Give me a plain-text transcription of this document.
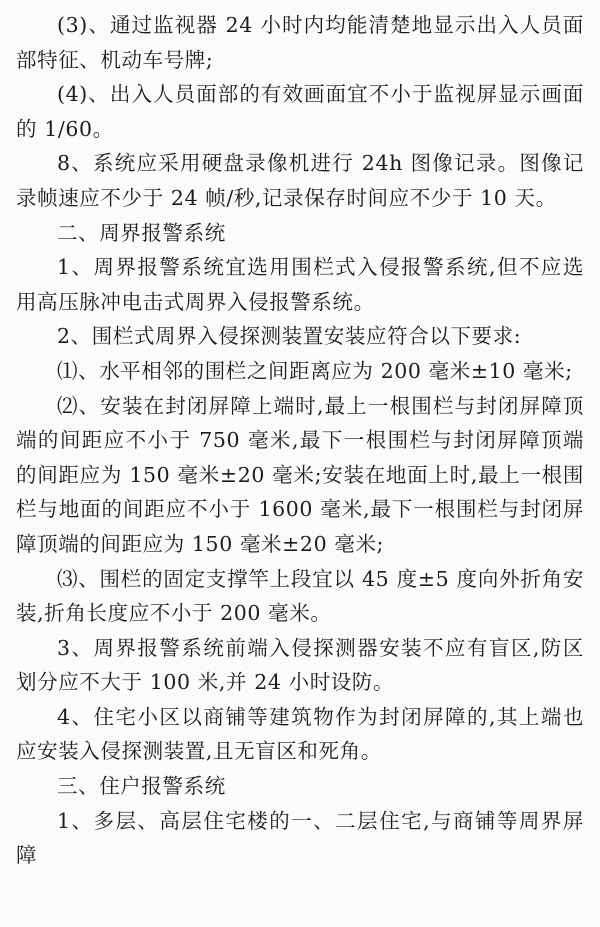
(3)、通过监视器 24 小时内均能清楚地显示出入人员面部特征、机动车号牌;

(4)、出入人员面部的有效画面宜不小于监视屏显示画面的 1/60。

8、系统应采用硬盘录像机进行 24h 图像记录。图像记录帧速应不少于 24 帧/秒,记录保存时间应不少于 10 天。

二、周界报警系统

1、周界报警系统宜选用围栏式入侵报警系统,但不应选用高压脉冲电击式周界入侵报警系统。

2、围栏式周界入侵探测装置安装应符合以下要求:

⑴、水平相邻的围栏之间距离应为 200 毫米±10 毫米;

⑵、安装在封闭屏障上端时,最上一根围栏与封闭屏障顶端的间距应不小于 750 毫米,最下一根围栏与封闭屏障顶端的间距应为 150 毫米±20 毫米;安装在地面上时,最上一根围栏与地面的间距应不小于 1600 毫米,最下一根围栏与封闭屏障顶端的间距应为 150 毫米±20 毫米;

⑶、围栏的固定支撑竿上段宜以 45 度±5 度向外折角安装,折角长度应不小于 200 毫米。

3、周界报警系统前端入侵探测器安装不应有盲区,防区划分应不大于 100 米,并 24 小时设防。

4、住宅小区以商铺等建筑物作为封闭屏障的,其上端也应安装入侵探测装置,且无盲区和死角。

三、住户报警系统

1、多层、高层住宅楼的一、二层住宅,与商铺等周界屏障
